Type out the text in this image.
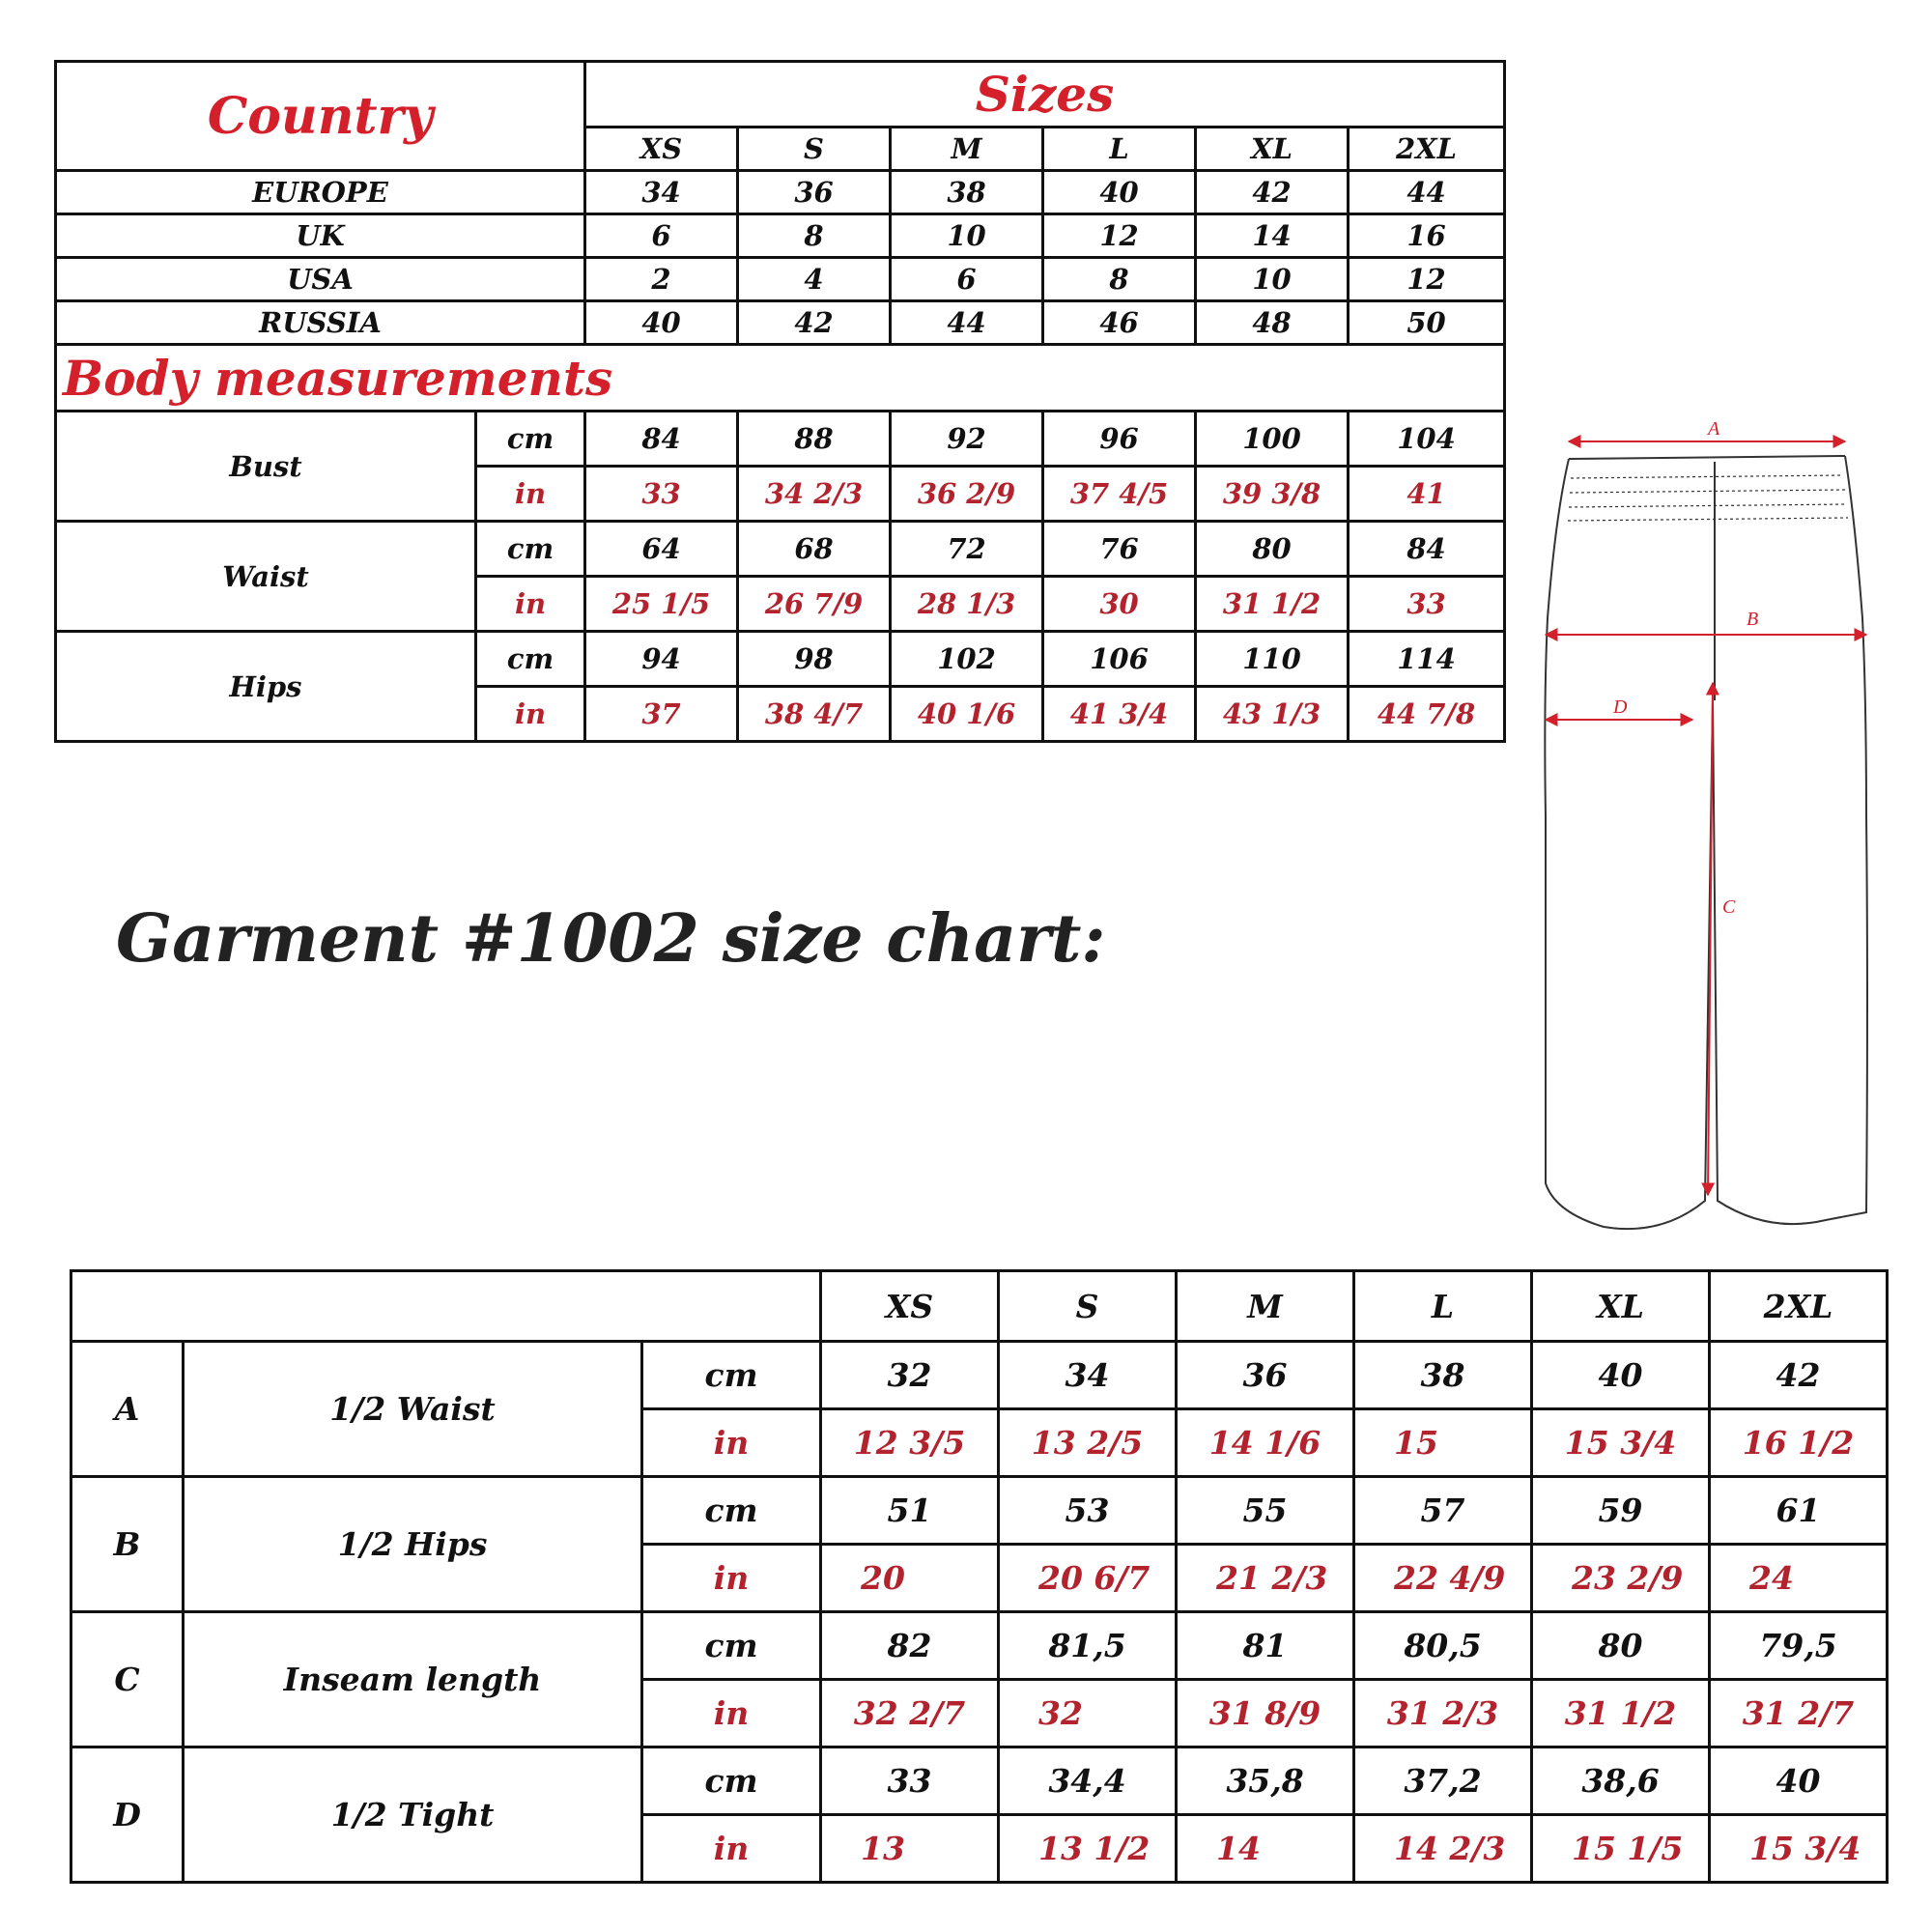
Country		Sizes					
		XS	S	M	L	XL	2XL
EUROPE		34	36	38	40	42	44
UK		6	8	10	12	14	16
USA		2	4	6	8	10	12
RUSSIA		40	42	44	46	48	50
Body measurements							
Bust	cm	84	88	92	96	100	104
	in	33	34 2/3	36 2/9	37 4/5	39 3/8	41
Waist	cm	64	68	72	76	80	84
	in	25 1/5	26 7/9	28 1/3	30	31 1/2	33
Hips	cm	94	98	102	106	110	114
	in	37	38 4/7	40 1/6	41 3/4	43 1/3	44 7/8
Garment #1002 size chart:
A
B
D
C
			XS	S	M	L	XL	2XL
A	1/2 Waist	cm	32	34	36	38	40	42
		in	12 3/5	13 2/5	14 1/6	15	15 3/4	16 1/2
B	1/2 Hips	cm	51	53	55	57	59	61
		in	20	20 6/7	21 2/3	22 4/9	23 2/9	24
C	Inseam length	cm	82	81,5	81	80,5	80	79,5
		in	32 2/7	32	31 8/9	31 2/3	31 1/2	31 2/7
D	1/2 Tight	cm	33	34,4	35,8	37,2	38,6	40
		in	13	13 1/2	14	14 2/3	15 1/5	15 3/4
